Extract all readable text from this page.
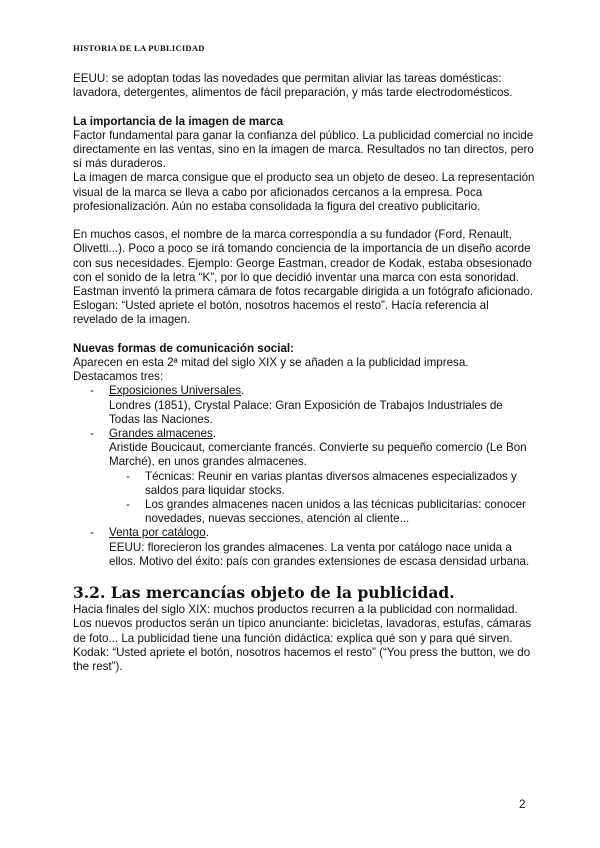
HISTORIA DE LA PUBLICIDAD

EEUU: se adoptan todas las novedades que permitan aliviar las tareas domésticas: lavadora, detergentes, alimentos de fácil preparación, y más tarde electrodomésticos.

La importancia de la imagen de marca

Factor fundamental para ganar la confianza del público. La publicidad comercial no incide directamente en las ventas, sino en la imagen de marca. Resultados no tan directos, pero sí más duraderos.

La imagen de marca consigue que el producto sea un objeto de deseo. La representación visual de la marca se lleva a cabo por aficionados cercanos a la empresa. Poca profesionalización. Aún no estaba consolidada la figura del creativo publicitario.

En muchos casos, el nombre de la marca correspondía a su fundador (Ford, Renault, Olivetti...). Poco a poco se irá tomando conciencia de la importancia de un diseño acorde con sus necesidades. Ejemplo: George Eastman, creador de Kodak, estaba obsesionado con el sonido de la letra “K”, por lo que decidió inventar una marca con esta sonoridad. Eastman inventó la primera cámara de fotos recargable dirigida a un fotógrafo aficionado. Eslogan: “Usted apriete el botón, nosotros hacemos el resto”. Hacía referencia al revelado de la imagen.

Nuevas formas de comunicación social:

Aparecen en esta 2ª mitad del siglo XIX y se añaden a la publicidad impresa. Destacamos tres:

- Exposiciones Universales.
Londres (1851), Crystal Palace: Gran Exposición de Trabajos Industriales de Todas las Naciones.
- Grandes almacenes.
Aristide Boucicaut, comerciante francés. Convierte su pequeño comercio (Le Bon Marché), en unos grandes almacenes.
- Técnicas: Reunir en varias plantas diversos almacenes especializados y saldos para liquidar stocks.
- Los grandes almacenes nacen unidos a las técnicas publicitarias: conocer novedades, nuevas secciones, atención al cliente...
- Venta por catálogo.
EEUU: florecieron los grandes almacenes. La venta por catálogo nace unida a ellos. Motivo del éxito: país con grandes extensiones de escasa densidad urbana.

3.2. Las mercancías objeto de la publicidad.

Hacia finales del siglo XIX: muchos productos recurren a la publicidad con normalidad. Los nuevos productos serán un típico anunciante: bicicletas, lavadoras, estufas, cámaras de foto... La publicidad tiene una función didáctica: explica qué son y para qué sirven. Kodak: “Usted apriete el botón, nosotros hacemos el resto” (“You press the button, we do the rest”).

2
